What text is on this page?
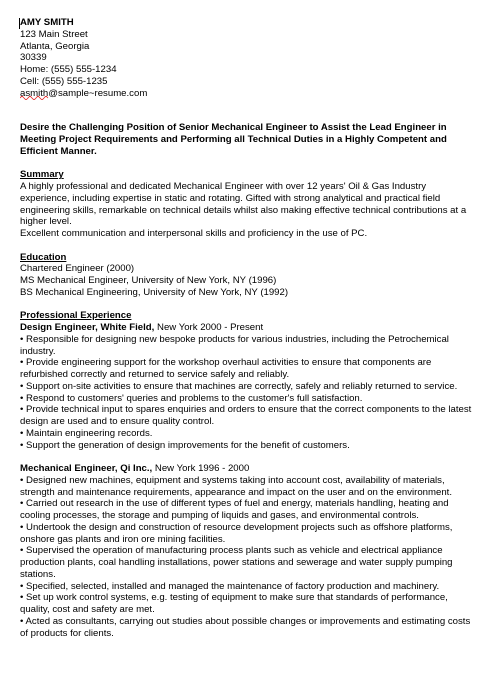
AMY SMITH
123 Main Street
Atlanta, Georgia
30339
Home: (555) 555-1234
Cell: (555) 555-1235
asmith@sample~resume.com
Desire the Challenging Position of Senior Mechanical Engineer to Assist the Lead Engineer in Meeting Project Requirements and Performing all Technical Duties in a Highly Competent and Efficient Manner.
Summary
A highly professional and dedicated Mechanical Engineer with over 12 years' Oil & Gas Industry experience, including expertise in static and rotating. Gifted with strong analytical and practical field engineering skills, remarkable on technical details whilst also making effective technical contributions at a higher level.
Excellent communication and interpersonal skills and proficiency in the use of PC.
Education
Chartered Engineer (2000)
MS Mechanical Engineer, University of New York, NY (1996)
BS Mechanical Engineering, University of New York, NY (1992)
Professional Experience
Design Engineer, White Field, New York 2000 - Present
• Responsible for designing new bespoke products for various industries, including the Petrochemical industry.
• Provide engineering support for the workshop overhaul activities to ensure that components are refurbished correctly and returned to service safely and reliably.
• Support on-site activities to ensure that machines are correctly, safely and reliably returned to service.
• Respond to customers' queries and problems to the customer's full satisfaction.
• Provide technical input to spares enquiries and orders to ensure that the correct components to the latest design are used and to ensure quality control.
• Maintain engineering records.
• Support the generation of design improvements for the benefit of customers.
Mechanical Engineer, Qi Inc., New York 1996 - 2000
• Designed new machines, equipment and systems taking into account cost, availability of materials, strength and maintenance requirements, appearance and impact on the user and on the environment.
• Carried out research in the use of different types of fuel and energy, materials handling, heating and cooling processes, the storage and pumping of liquids and gases, and environmental controls.
• Undertook the design and construction of resource development projects such as offshore platforms, onshore gas plants and iron ore mining facilities.
• Supervised the operation of manufacturing process plants such as vehicle and electrical appliance production plants, coal handling installations, power stations and sewerage and water supply pumping stations.
• Specified, selected, installed and managed the maintenance of factory production and machinery.
• Set up work control systems, e.g. testing of equipment to make sure that standards of performance, quality, cost and safety are met.
• Acted as consultants, carrying out studies about possible changes or improvements and estimating costs of products for clients.
